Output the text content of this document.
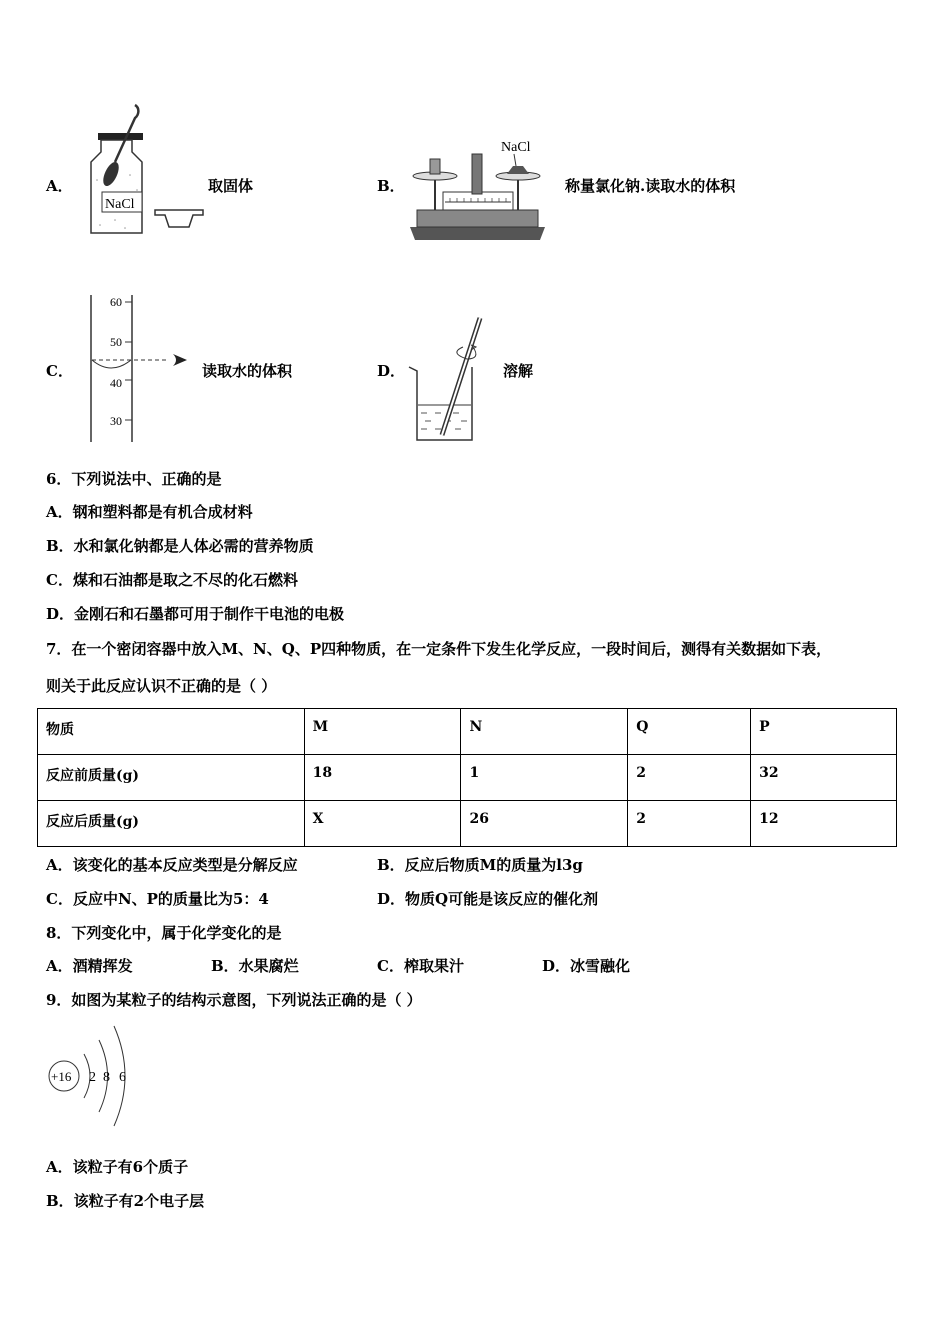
A．
NaCl
取固体	B．
NaCl
称量氯化钠.读取水的体积
C．
60
50
40
30
读取水的体积	D．	溶解
6．下列说法中、正确的是
A．钢和塑料都是有机合成材料
B．水和氯化钠都是人体必需的营养物质
C．煤和石油都是取之不尽的化石燃料
D．金刚石和石墨都可用于制作干电池的电极
7．在一个密闭容器中放入M、N、Q、P四种物质，在一定条件下发生化学反应，一段时间后，测得有关数据如下表，
则关于此反应认识不正确的是（ ）
物质	M	N	Q	P
反应前质量(g)	18	1	2	32
反应后质量(g)	X	26	2	12
A．该变化的基本反应类型是分解反应	B．反应后物质M的质量为l3g
C．反应中N、P的质量比为5：4	D．物质Q可能是该反应的催化剂
8．下列变化中，属于化学变化的是
A．酒精挥发	B．水果腐烂	C．榨取果汁	D．冰雪融化
9．如图为某粒子的结构示意图，下列说法正确的是（ ）
+16 2 8 6
A．该粒子有6个质子
B．该粒子有2个电子层
